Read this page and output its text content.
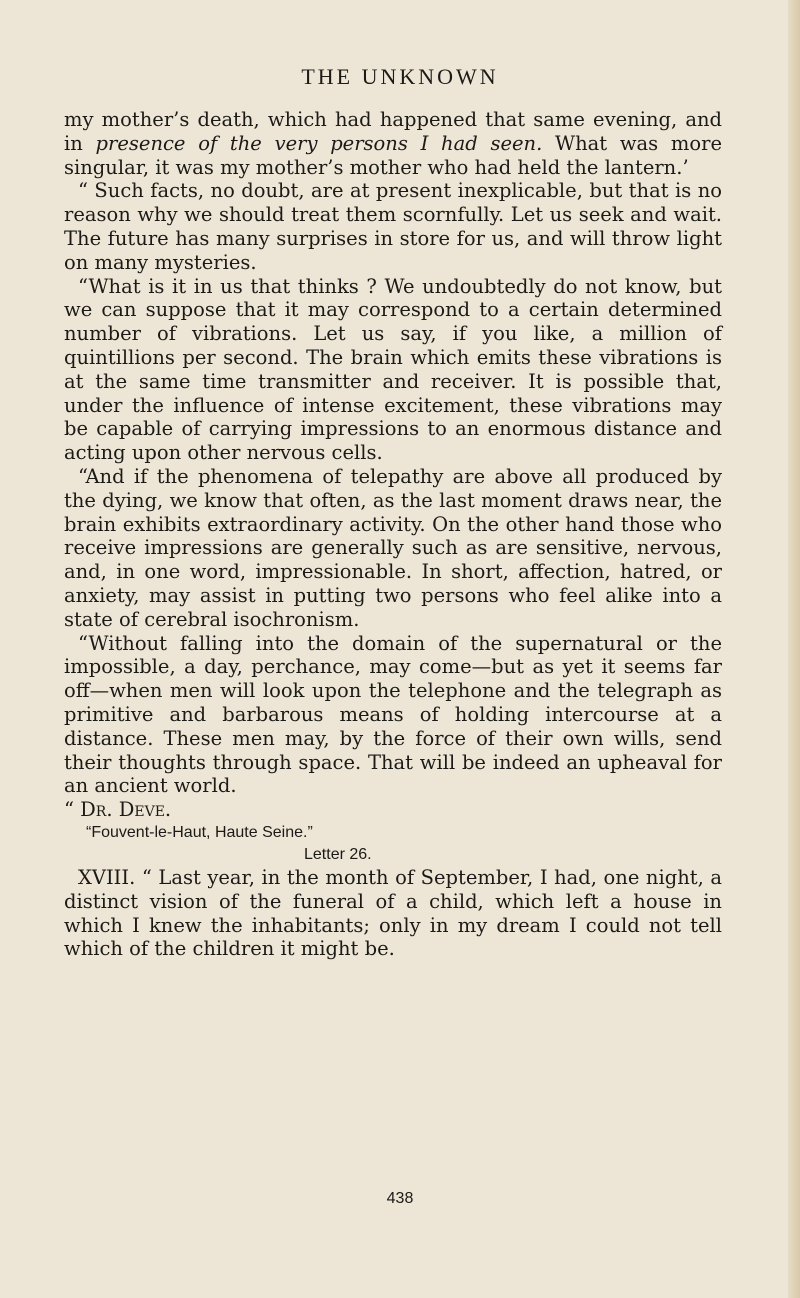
THE UNKNOWN

my mother’s death, which had happened that same evening, and in presence of the very persons I had seen. What was more singular, it was my mother’s mother who had held the lantern.’

“ Such facts, no doubt, are at present inexplicable, but that is no reason why we should treat them scornfully. Let us seek and wait. The future has many surprises in store for us, and will throw light on many mysteries.

“What is it in us that thinks ? We undoubtedly do not know, but we can suppose that it may correspond to a certain determined number of vibrations. Let us say, if you like, a million of quintillions per second. The brain which emits these vibrations is at the same time transmitter and receiver. It is possible that, under the influence of intense excitement, these vibrations may be capable of carrying impressions to an enormous distance and acting upon other nervous cells.

“And if the phenomena of telepathy are above all produced by the dying, we know that often, as the last moment draws near, the brain exhibits extraordinary activity. On the other hand those who receive impressions are generally such as are sensitive, nervous, and, in one word, impressionable. In short, affection, hatred, or anxiety, may assist in putting two persons who feel alike into a state of cerebral isochronism.

“Without falling into the domain of the supernatural or the impossible, a day, perchance, may come—but as yet it seems far off—when men will look upon the telephone and the telegraph as primitive and barbarous means of holding intercourse at a distance. These men may, by the force of their own wills, send their thoughts through space. That will be indeed an upheaval for an ancient world.

“ Dr. Deve.

“Fouvent-le-Haut, Haute Seine.”

Letter 26.

XVIII. “ Last year, in the month of September, I had, one night, a distinct vision of the funeral of a child, which left a house in which I knew the inhabitants; only in my dream I could not tell which of the children it might be.

438
